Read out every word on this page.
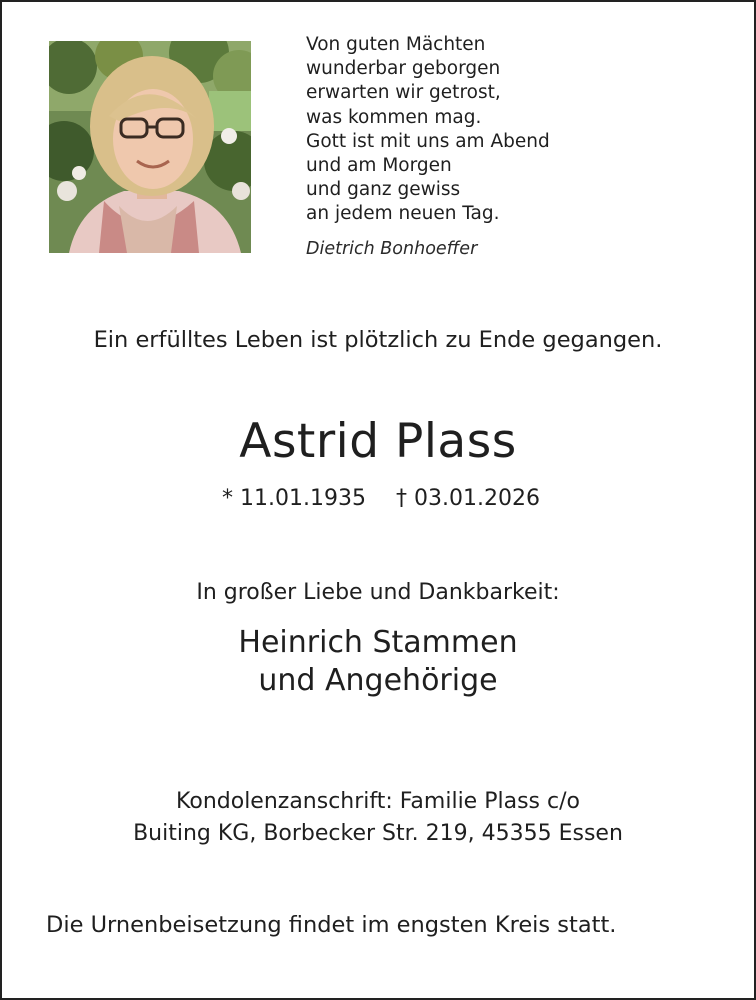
Von guten Mächten
wunderbar geborgen
erwarten wir getrost,
was kommen mag.
Gott ist mit uns am Abend
und am Morgen
und ganz gewiss
an jedem neuen Tag.
Dietrich Bonhoeffer
Ein erfülltes Leben ist plötzlich zu Ende gegangen.
Astrid Plass
* 11.01.1935 † 03.01.2026
In großer Liebe und Dankbarkeit:
Heinrich Stammen
und Angehörige
Kondolenzanschrift: Familie Plass c/o
Buiting KG, Borbecker Str. 219, 45355 Essen
Die Urnenbeisetzung findet im engsten Kreis statt.
